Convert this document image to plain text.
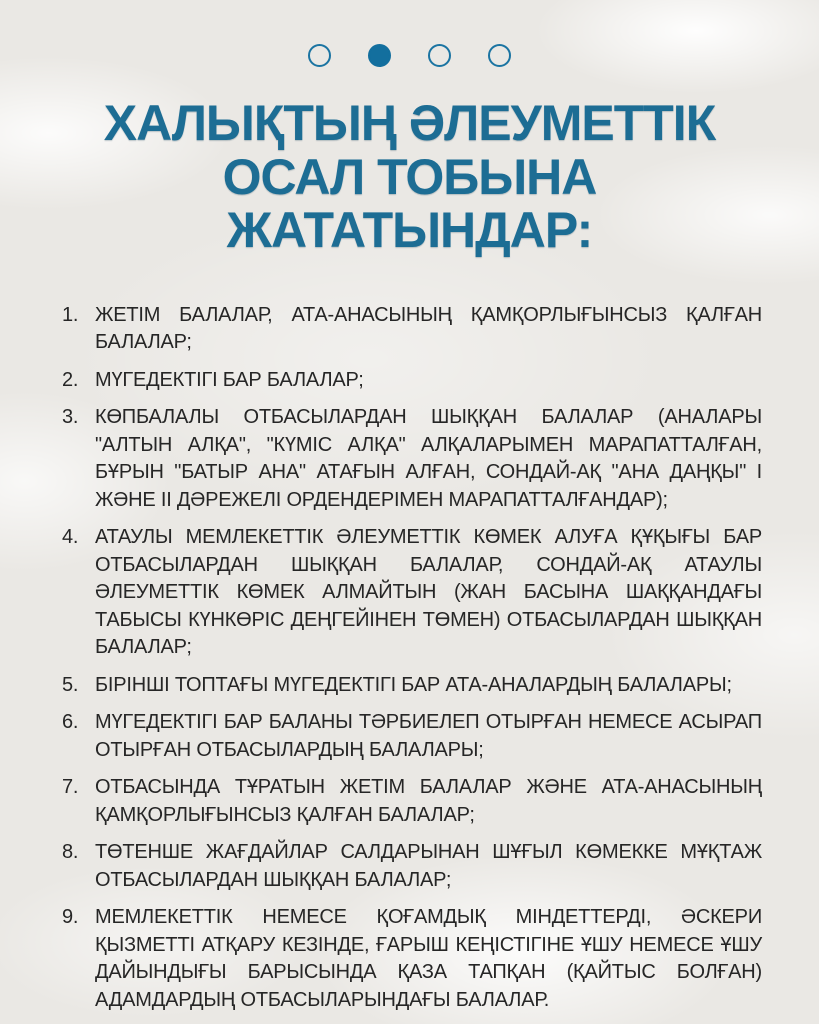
ХАЛЫҚТЫҢ ӘЛЕУМЕТТІК
ОСАЛ ТОБЫНА ЖАТАТЫНДАР:
1. ЖЕТІМ БАЛАЛАР, АТА-АНАСЫНЫҢ ҚАМҚОРЛЫҒЫНСЫЗ ҚАЛҒАН БАЛАЛАР;
2. МҮГЕДЕКТІГІ БАР БАЛАЛАР;
3. КӨПБАЛАЛЫ ОТБАСЫЛАРДАН ШЫҚҚАН БАЛАЛАР (АНАЛАРЫ "АЛТЫН АЛҚА", "КҮМІС АЛҚА" АЛҚАЛАРЫМЕН МАРАПАТТАЛҒАН, БҰРЫН "БАТЫР АНА" АТАҒЫН АЛҒАН, СОНДАЙ-АҚ "АНА ДАҢҚЫ" І ЖӘНЕ ІІ ДӘРЕЖЕЛІ ОРДЕНДЕРІМЕН МАРАПАТТАЛҒАНДАР);
4. АТАУЛЫ МЕМЛЕКЕТТІК ӘЛЕУМЕТТІК КӨМЕК АЛУҒА ҚҰҚЫҒЫ БАР ОТБАСЫЛАРДАН ШЫҚҚАН БАЛАЛАР, СОНДАЙ-АҚ АТАУЛЫ ӘЛЕУМЕТТІК КӨМЕК АЛМАЙТЫН (ЖАН БАСЫНА ШАҚҚАНДАҒЫ ТАБЫСЫ КҮНКӨРІС ДЕҢГЕЙІНЕН ТӨМЕН) ОТБАСЫЛАРДАН ШЫҚҚАН БАЛАЛАР;
5. БІРІНШІ ТОПТАҒЫ МҮГЕДЕКТІГІ БАР АТА-АНАЛАРДЫҢ БАЛАЛАРЫ;
6. МҮГЕДЕКТІГІ БАР БАЛАНЫ ТӘРБИЕЛЕП ОТЫРҒАН НЕМЕСЕ АСЫРАП ОТЫРҒАН ОТБАСЫЛАРДЫҢ БАЛАЛАРЫ;
7. ОТБАСЫНДА ТҰРАТЫН ЖЕТІМ БАЛАЛАР ЖӘНЕ АТА-АНАСЫНЫҢ ҚАМҚОРЛЫҒЫНСЫЗ ҚАЛҒАН БАЛАЛАР;
8. ТӨТЕНШЕ ЖАҒДАЙЛАР САЛДАРЫНАН ШҰҒЫЛ КӨМЕККЕ МҰҚТАЖ ОТБАСЫЛАРДАН ШЫҚҚАН БАЛАЛАР;
9. МЕМЛЕКЕТТІК НЕМЕСЕ ҚОҒАМДЫҚ МІНДЕТТЕРДІ, ӘСКЕРИ ҚЫЗМЕТТІ АТҚАРУ КЕЗІНДЕ, ҒАРЫШ КЕҢІСТІГІНЕ ҰШУ НЕМЕСЕ ҰШУ ДАЙЫНДЫҒЫ БАРЫСЫНДА ҚАЗА ТАПҚАН (ҚАЙТЫС БОЛҒАН) АДАМДАРДЫҢ ОТБАСЫЛАРЫНДАҒЫ БАЛАЛАР.
